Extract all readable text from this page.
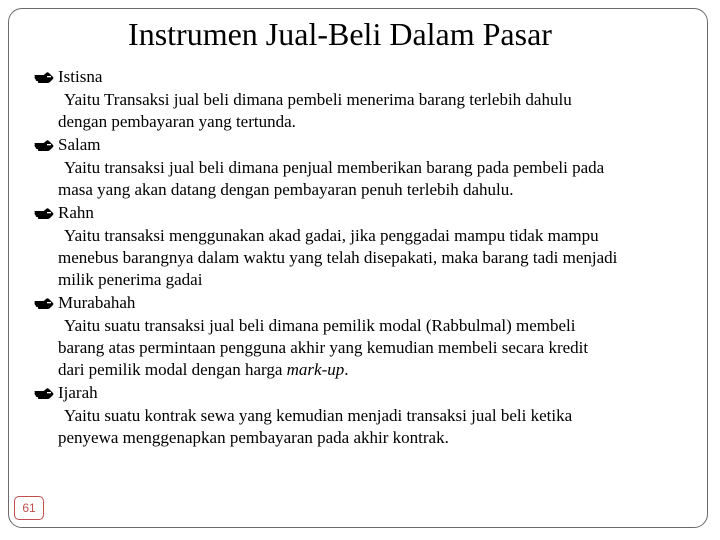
Instrumen Jual-Beli Dalam Pasar
Istisna
Yaitu Transaksi jual beli dimana pembeli menerima barang terlebih dahulu
dengan pembayaran yang tertunda.
Salam
Yaitu transaksi jual beli dimana penjual memberikan barang pada pembeli pada
masa yang akan datang dengan pembayaran penuh terlebih dahulu.
Rahn
Yaitu transaksi menggunakan akad gadai, jika penggadai mampu tidak mampu
menebus barangnya dalam waktu yang telah disepakati, maka barang tadi menjadi
milik penerima gadai
Murabahah
Yaitu suatu transaksi jual beli dimana pemilik modal (Rabbulmal) membeli
barang atas permintaan pengguna akhir yang kemudian membeli secara kredit
dari pemilik modal dengan harga mark-up.
Ijarah
Yaitu suatu kontrak sewa yang kemudian menjadi transaksi jual beli ketika
penyewa menggenapkan pembayaran pada akhir kontrak.
61
